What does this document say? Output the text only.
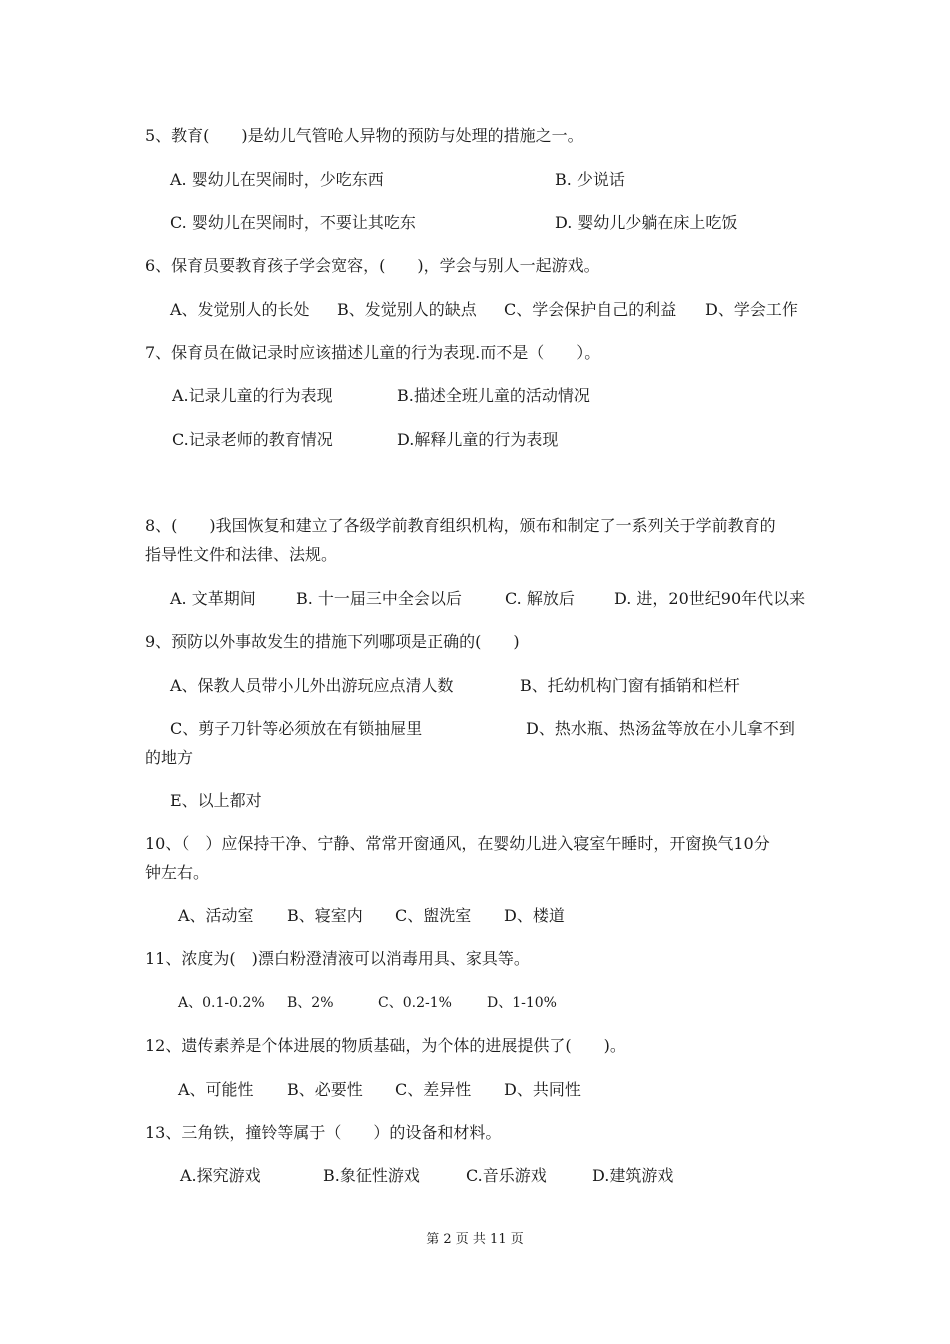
5、教育(　　)是幼儿气管呛人异物的预防与处理的措施之一。
A. 婴幼儿在哭闹时，少吃东西	B. 少说话
C. 婴幼儿在哭闹时，不要让其吃东	D. 婴幼儿少躺在床上吃饭
6、保育员要教育孩子学会宽容，(　　)，学会与别人一起游戏。
A、发觉别人的长处 B、发觉别人的缺点 C、学会保护自己的利益 D、学会工作
7、保育员在做记录时应该描述儿童的行为表现.而不是（　　）。
A.记录儿童的行为表现	B.描述全班儿童的活动情况
C.记录老师的教育情况	D.解释儿童的行为表现
8、(　　)我国恢复和建立了各级学前教育组织机构，颁布和制定了一系列关于学前教育的
指导性文件和法律、法规。
A. 文革期间	B. 十一届三中全会以后	C. 解放后 D. 进，20世纪90年代以来
9、预防以外事故发生的措施下列哪项是正确的(　　)
A、保教人员带小儿外出游玩应点清人数	B、托幼机构门窗有插销和栏杆
C、剪子刀针等必须放在有锁抽屉里	D、热水瓶、热汤盆等放在小儿拿不到
的地方
E、以上都对
10、（　）应保持干净、宁静、常常开窗通风，在婴幼儿进入寝室午睡时，开窗换气10分
钟左右。
A、活动室 B、寝室内 C、盥洗室 D、楼道
11、浓度为(　)漂白粉澄清液可以消毒用具、家具等。
A、0.1-0.2% B、2%	C、0.2-1%	D、1-10%
12、遗传素养是个体进展的物质基础，为个体的进展提供了(　　)。
A、可能性 B、必要性 C、差异性 D、共同性
13、三角铁，撞铃等属于（　　）的设备和材料。
A.探究游戏	B.象征性游戏	C.音乐游戏	D.建筑游戏
第 2 页 共 11 页
